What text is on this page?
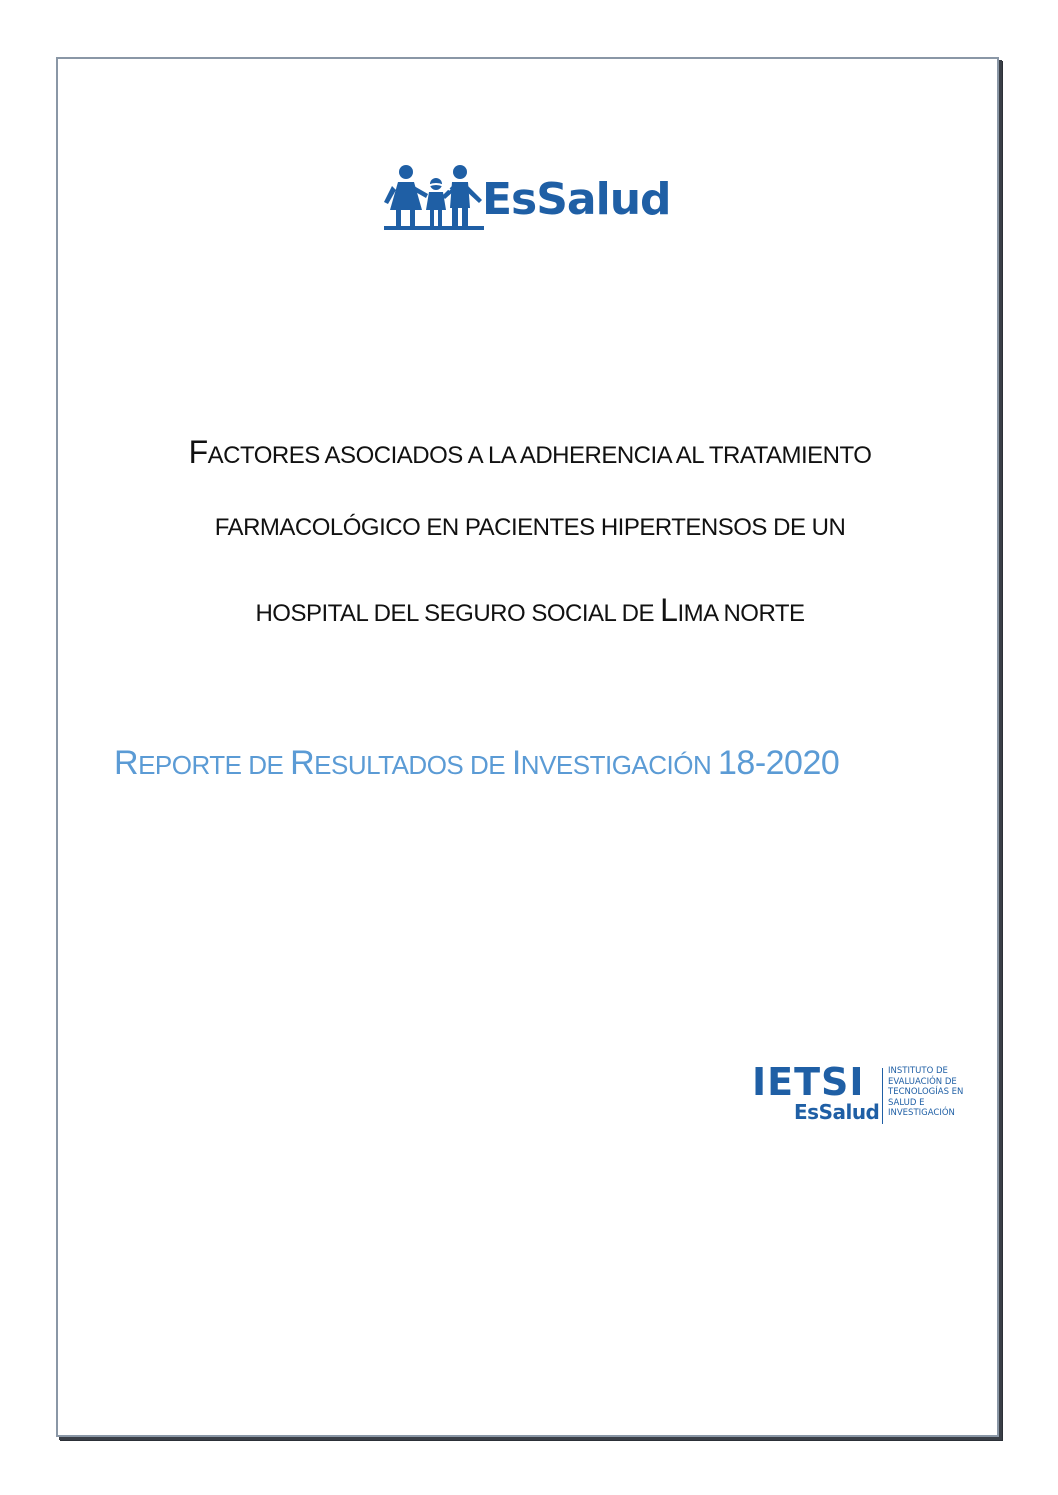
EsSalud
FACTORES ASOCIADOS A LA ADHERENCIA AL TRATAMIENTO
FARMACOLÓGICO EN PACIENTES HIPERTENSOS DE UN
HOSPITAL DEL SEGURO SOCIAL DE LIMA NORTE
REPORTE DE RESULTADOS DE INVESTIGACIÓN 18-2020
IETSI
EsSalud
INSTITUTO DE
EVALUACIÓN DE
TECNOLOGÍAS EN
SALUD E
INVESTIGACIÓN
